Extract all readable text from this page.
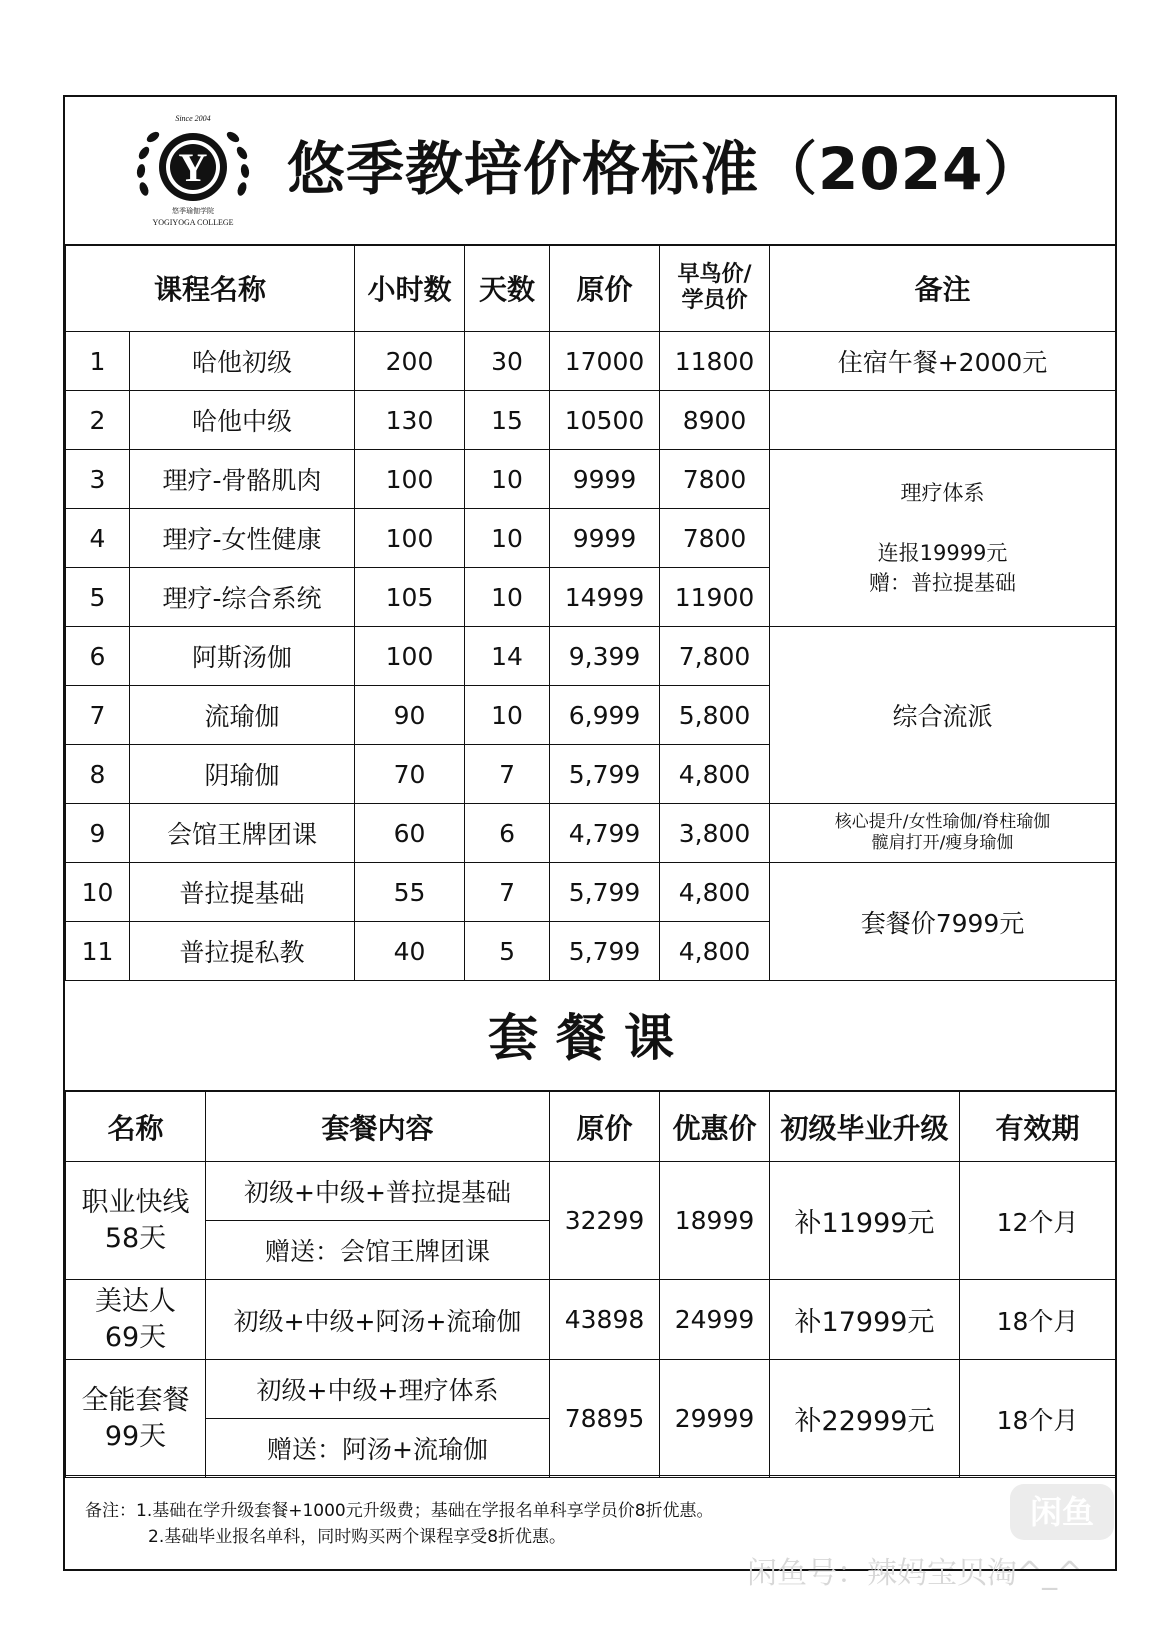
Y
Since 2004
悠季瑜伽学院
YOGIYOGA COLLEGE
悠季教培价格标准（2024）
课程名称		小时数	天数	原价	早鸟价/
学员价	备注
1	哈他初级	200	30	17000	11800	住宿午餐+2000元
2	哈他中级	130	15	10500	8900	
3	理疗-骨骼肌肉	100	10	9999	7800	理疗体系

连报19999元
赠：普拉提基础
4	理疗-女性健康	100	10	9999	7800	
5	理疗-综合系统	105	10	14999	11900	
6	阿斯汤伽	100	14	9,399	7,800	综合流派
7	流瑜伽	90	10	6,999	5,800	
8	阴瑜伽	70	7	5,799	4,800	
9	会馆王牌团课	60	6	4,799	3,800	核心提升/女性瑜伽/脊柱瑜伽
髋肩打开/瘦身瑜伽
10	普拉提基础	55	7	5,799	4,800	套餐价7999元
11	普拉提私教	40	5	5,799	4,800	
套餐课
名称	套餐内容	原价	优惠价	初级毕业升级	有效期
职业快线
58天	初级+中级+普拉提基础	32299	18999	补11999元	12个月
	赠送：会馆王牌团课				
美达人
69天	初级+中级+阿汤+流瑜伽	43898	24999	补17999元	18个月
全能套餐
99天	初级+中级+理疗体系	78895	29999	补22999元	18个月
	赠送：阿汤+流瑜伽				
备注：1.基础在学升级套餐+1000元升级费；基础在学报名单科享学员价8折优惠。
2.基础毕业报名单科，同时购买两个课程享受8折优惠。
闲鱼
闲鱼号：辣妈宝贝淘^_^
